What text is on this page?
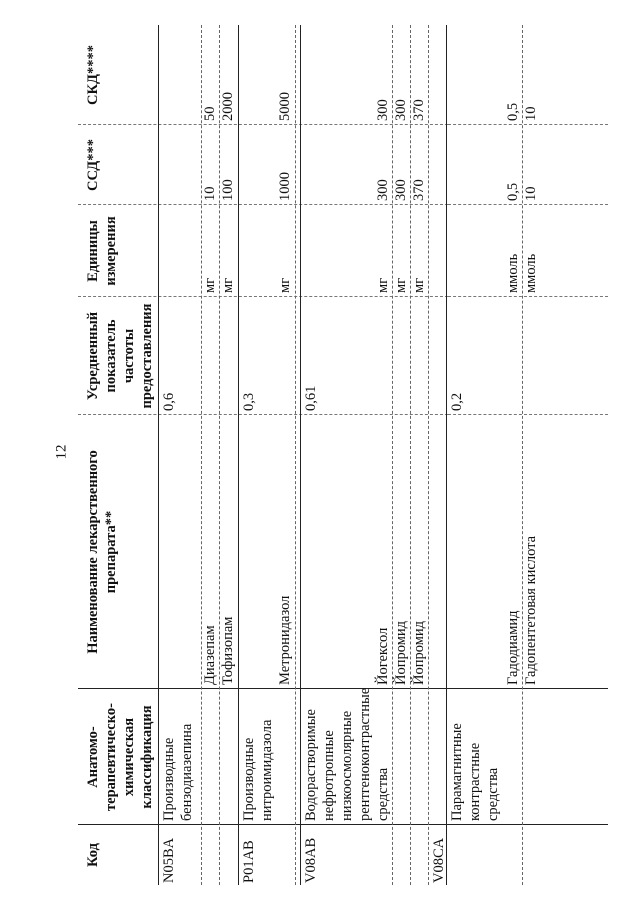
12
Код
Анатомо-
терапевтическо-
химическая
классификация
Наименование лекарственного
препарата**
Усредненный
показатель
частоты
предоставления
Единицы
измерения
ССД***
СКД****
N05BA
Производные
бензодиазепина
0,6
Диазепам
мг
10
50
Тофизопам
мг
100
2000
P01AB
Производные
нитроимидазола
0,3
Метронидазол
мг
1000
5000
V08AB
Водорастворимые
нефротропные
низкоосмолярные
рентгеноконтрастные
средства
0,61
Йогексол
мг
300
300
Йопромид
мг
300
300
Йопромид
мг
370
370
V08CA
Парамагнитные
контрастные
средства
0,2
Гадодиамид
ммоль
0,5
0,5
Гадопентетовая кислота
ммоль
10
10
